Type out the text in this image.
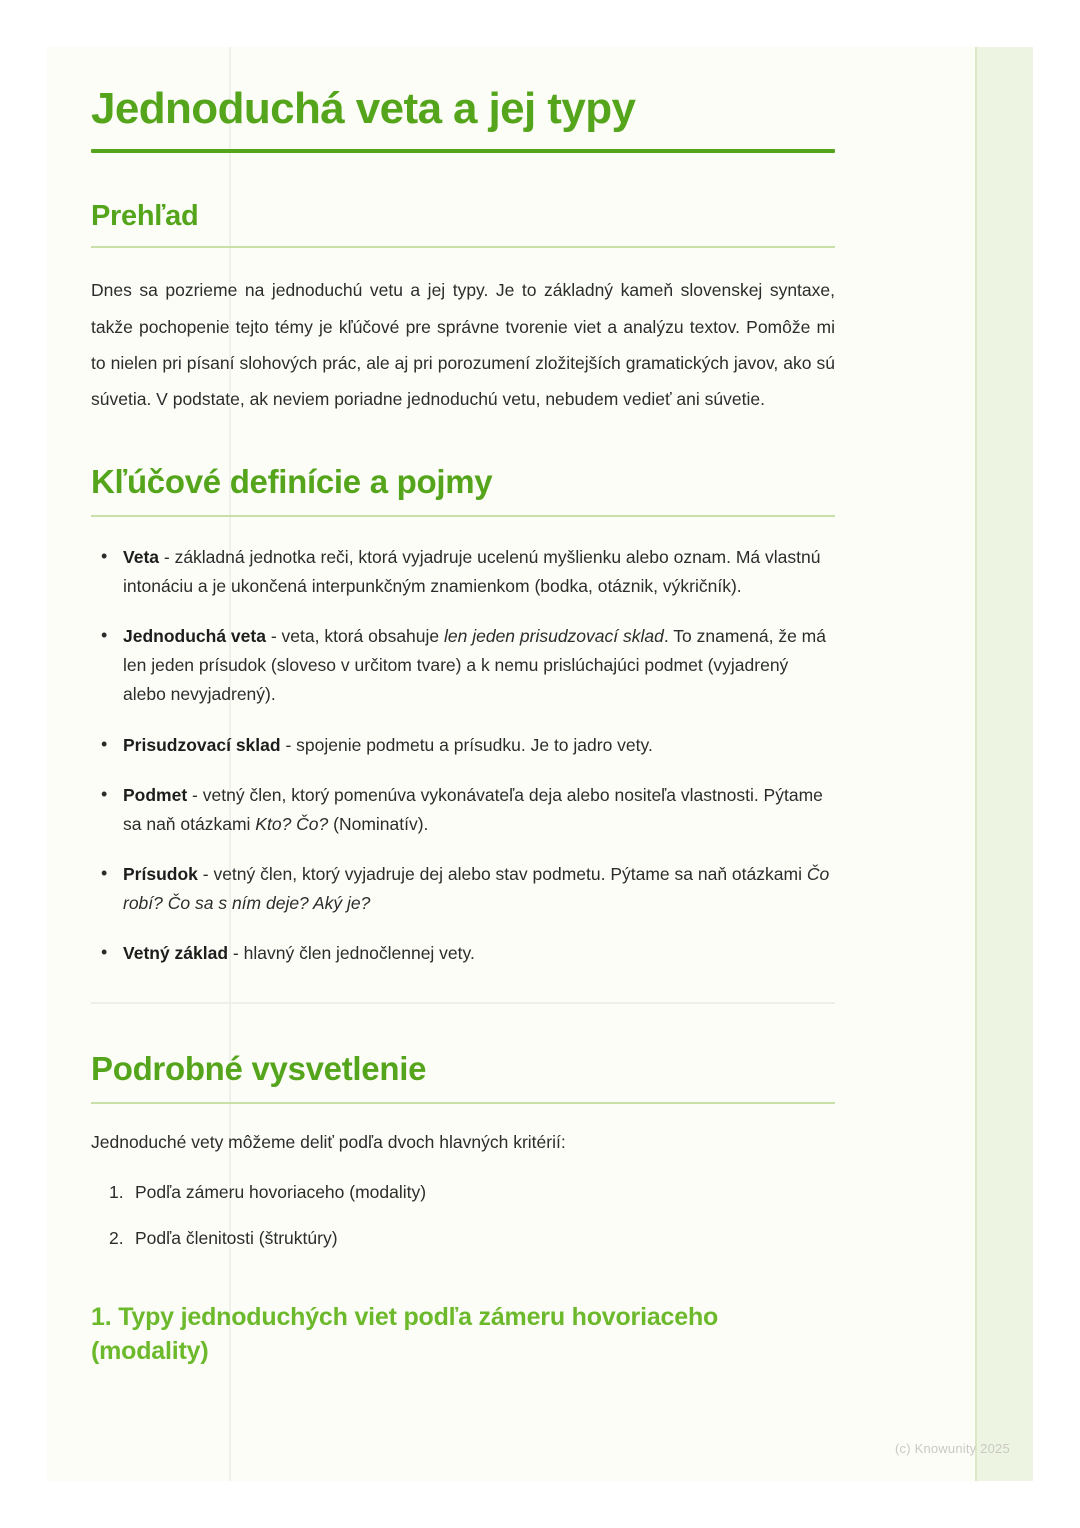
Jednoduchá veta a jej typy
Prehľad

Dnes sa pozrieme na jednoduchú vetu a jej typy. Je to základný kameň slovenskej syntaxe, takže pochopenie tejto témy je kľúčové pre správne tvorenie viet a analýzu textov. Pomôže mi to nielen pri písaní slohových prác, ale aj pri porozumení zložitejších gramatických javov, ako sú súvetia. V podstate, ak neviem poriadne jednoduchú vetu, nebudem vedieť ani súvetie.

Kľúčové definície a pojmy
• Veta - základná jednotka reči, ktorá vyjadruje ucelenú myšlienku alebo oznam. Má vlastnú intonáciu a je ukončená interpunkčným znamienkom (bodka, otáznik, výkričník).
• Jednoduchá veta - veta, ktorá obsahuje len jeden prisudzovací sklad. To znamená, že má len jeden prísudok (sloveso v určitom tvare) a k nemu prislúchajúci podmet (vyjadrený alebo nevyjadrený).
• Prisudzovací sklad - spojenie podmetu a prísudku. Je to jadro vety.
• Podmet - vetný člen, ktorý pomenúva vykonávateľa deja alebo nositeľa vlastnosti. Pýtame sa naň otázkami Kto? Čo? (Nominatív).
• Prísudok - vetný člen, ktorý vyjadruje dej alebo stav podmetu. Pýtame sa naň otázkami Čo robí? Čo sa s ním deje? Aký je?
• Vetný základ - hlavný člen jednočlennej vety.
Podrobné vysvetlenie

Jednoduché vety môžeme deliť podľa dvoch hlavných kritérií:

Podľa zámeru hovoriaceho (modality)
Podľa členitosti (štruktúry)
1. Typy jednoduchých viet podľa zámeru hovoriaceho (modality)
(c) Knowunity 2025
